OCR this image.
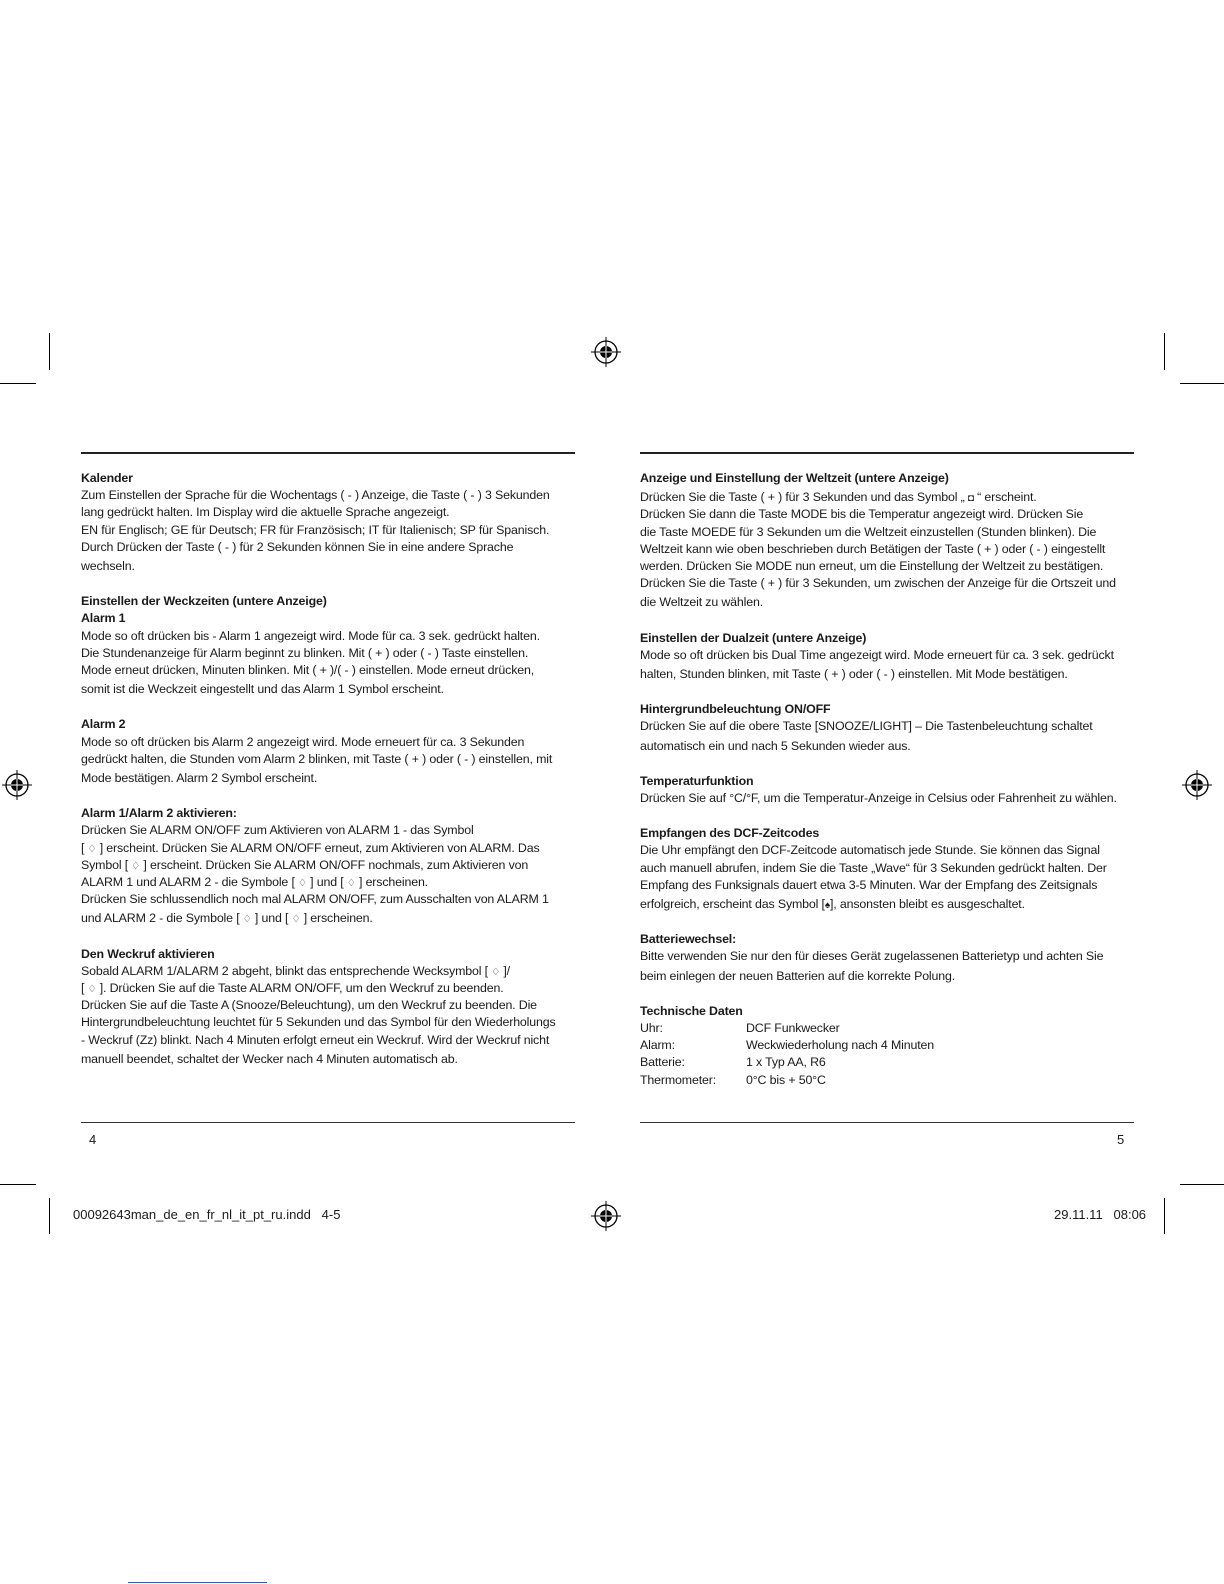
Kalender
Zum Einstellen der Sprache für die Wochentags ( - ) Anzeige, die Taste ( - ) 3 Sekunden
lang gedrückt halten. Im Display wird die aktuelle Sprache angezeigt.
EN für Englisch; GE für Deutsch; FR für Französisch; IT für Italienisch; SP für Spanisch.
Durch Drücken der Taste ( - ) für 2 Sekunden können Sie in eine andere Sprache
wechseln.
Einstellen der Weckzeiten (untere Anzeige)
Alarm 1
Mode so oft drücken bis - Alarm 1 angezeigt wird. Mode für ca. 3 sek. gedrückt halten.
Die Stundenanzeige für Alarm beginnt zu blinken. Mit ( + ) oder ( - ) Taste einstellen.
Mode erneut drücken, Minuten blinken. Mit ( + )/( - ) einstellen. Mode erneut drücken,
somit ist die Weckzeit eingestellt und das Alarm 1 Symbol erscheint.
Alarm 2
Mode so oft drücken bis Alarm 2 angezeigt wird. Mode erneuert für ca. 3 Sekunden
gedrückt halten, die Stunden vom Alarm 2 blinken, mit Taste ( + ) oder ( - ) einstellen, mit
Mode bestätigen. Alarm 2 Symbol erscheint.
Alarm 1/Alarm 2 aktivieren:
Drücken Sie ALARM ON/OFF zum Aktivieren von ALARM 1 - das Symbol
[ ♢ ] erscheint. Drücken Sie ALARM ON/OFF erneut, zum Aktivieren von ALARM. Das
Symbol [ ♢ ] erscheint. Drücken Sie ALARM ON/OFF nochmals, zum Aktivieren von
ALARM 1 und ALARM 2 - die Symbole [ ♢ ] und [ ♢ ] erscheinen.
Drücken Sie schlussendlich noch mal ALARM ON/OFF, zum Ausschalten von ALARM 1
und ALARM 2 - die Symbole [ ♢ ] und [ ♢ ] erscheinen.
Den Weckruf aktivieren
Sobald ALARM 1/ALARM 2 abgeht, blinkt das entsprechende Wecksymbol [ ♢ ]/
[ ♢ ]. Drücken Sie auf die Taste ALARM ON/OFF, um den Weckruf zu beenden.
Drücken Sie auf die Taste A (Snooze/Beleuchtung), um den Weckruf zu beenden. Die
Hintergrundbeleuchtung leuchtet für 5 Sekunden und das Symbol für den Wiederholungs
- Weckruf (Zz) blinkt. Nach 4 Minuten erfolgt erneut ein Weckruf. Wird der Weckruf nicht
manuell beendet, schaltet der Wecker nach 4 Minuten automatisch ab.
Anzeige und Einstellung der Weltzeit (untere Anzeige)
Drücken Sie die Taste ( + ) für 3 Sekunden und das Symbol „ ◘ “ erscheint.
Drücken Sie dann die Taste MODE bis die Temperatur angezeigt wird. Drücken Sie
die Taste MOEDE für 3 Sekunden um die Weltzeit einzustellen (Stunden blinken). Die
Weltzeit kann wie oben beschrieben durch Betätigen der Taste ( + ) oder ( - ) eingestellt
werden. Drücken Sie MODE nun erneut, um die Einstellung der Weltzeit zu bestätigen.
Drücken Sie die Taste ( + ) für 3 Sekunden, um zwischen der Anzeige für die Ortszeit und
die Weltzeit zu wählen.
Einstellen der Dualzeit (untere Anzeige)
Mode so oft drücken bis Dual Time angezeigt wird. Mode erneuert für ca. 3 sek. gedrückt
halten, Stunden blinken, mit Taste ( + ) oder ( - ) einstellen. Mit Mode bestätigen.
Hintergrundbeleuchtung ON/OFF
Drücken Sie auf die obere Taste [SNOOZE/LIGHT] – Die Tastenbeleuchtung schaltet
automatisch ein und nach 5 Sekunden wieder aus.
Temperaturfunktion
Drücken Sie auf °C/°F, um die Temperatur-Anzeige in Celsius oder Fahrenheit zu wählen.
Empfangen des DCF-Zeitcodes
Die Uhr empfängt den DCF-Zeitcode automatisch jede Stunde. Sie können das Signal
auch manuell abrufen, indem Sie die Taste „Wave“ für 3 Sekunden gedrückt halten. Der
Empfang des Funksignals dauert etwa 3-5 Minuten. War der Empfang des Zeitsignals
erfolgreich, erscheint das Symbol [♠], ansonsten bleibt es ausgeschaltet.
Batteriewechsel:
Bitte verwenden Sie nur den für dieses Gerät zugelassenen Batterietyp und achten Sie
beim einlegen der neuen Batterien auf die korrekte Polung.
Technische Daten
Uhr:	DCF Funkwecker
Alarm:	Weckwiederholung nach 4 Minuten
Batterie:	1 x Typ AA, R6
Thermometer:	0°C bis + 50°C
4	5
00092643man_de_en_fr_nl_it_pt_ru.indd   4-5	29.11.11   08:06
